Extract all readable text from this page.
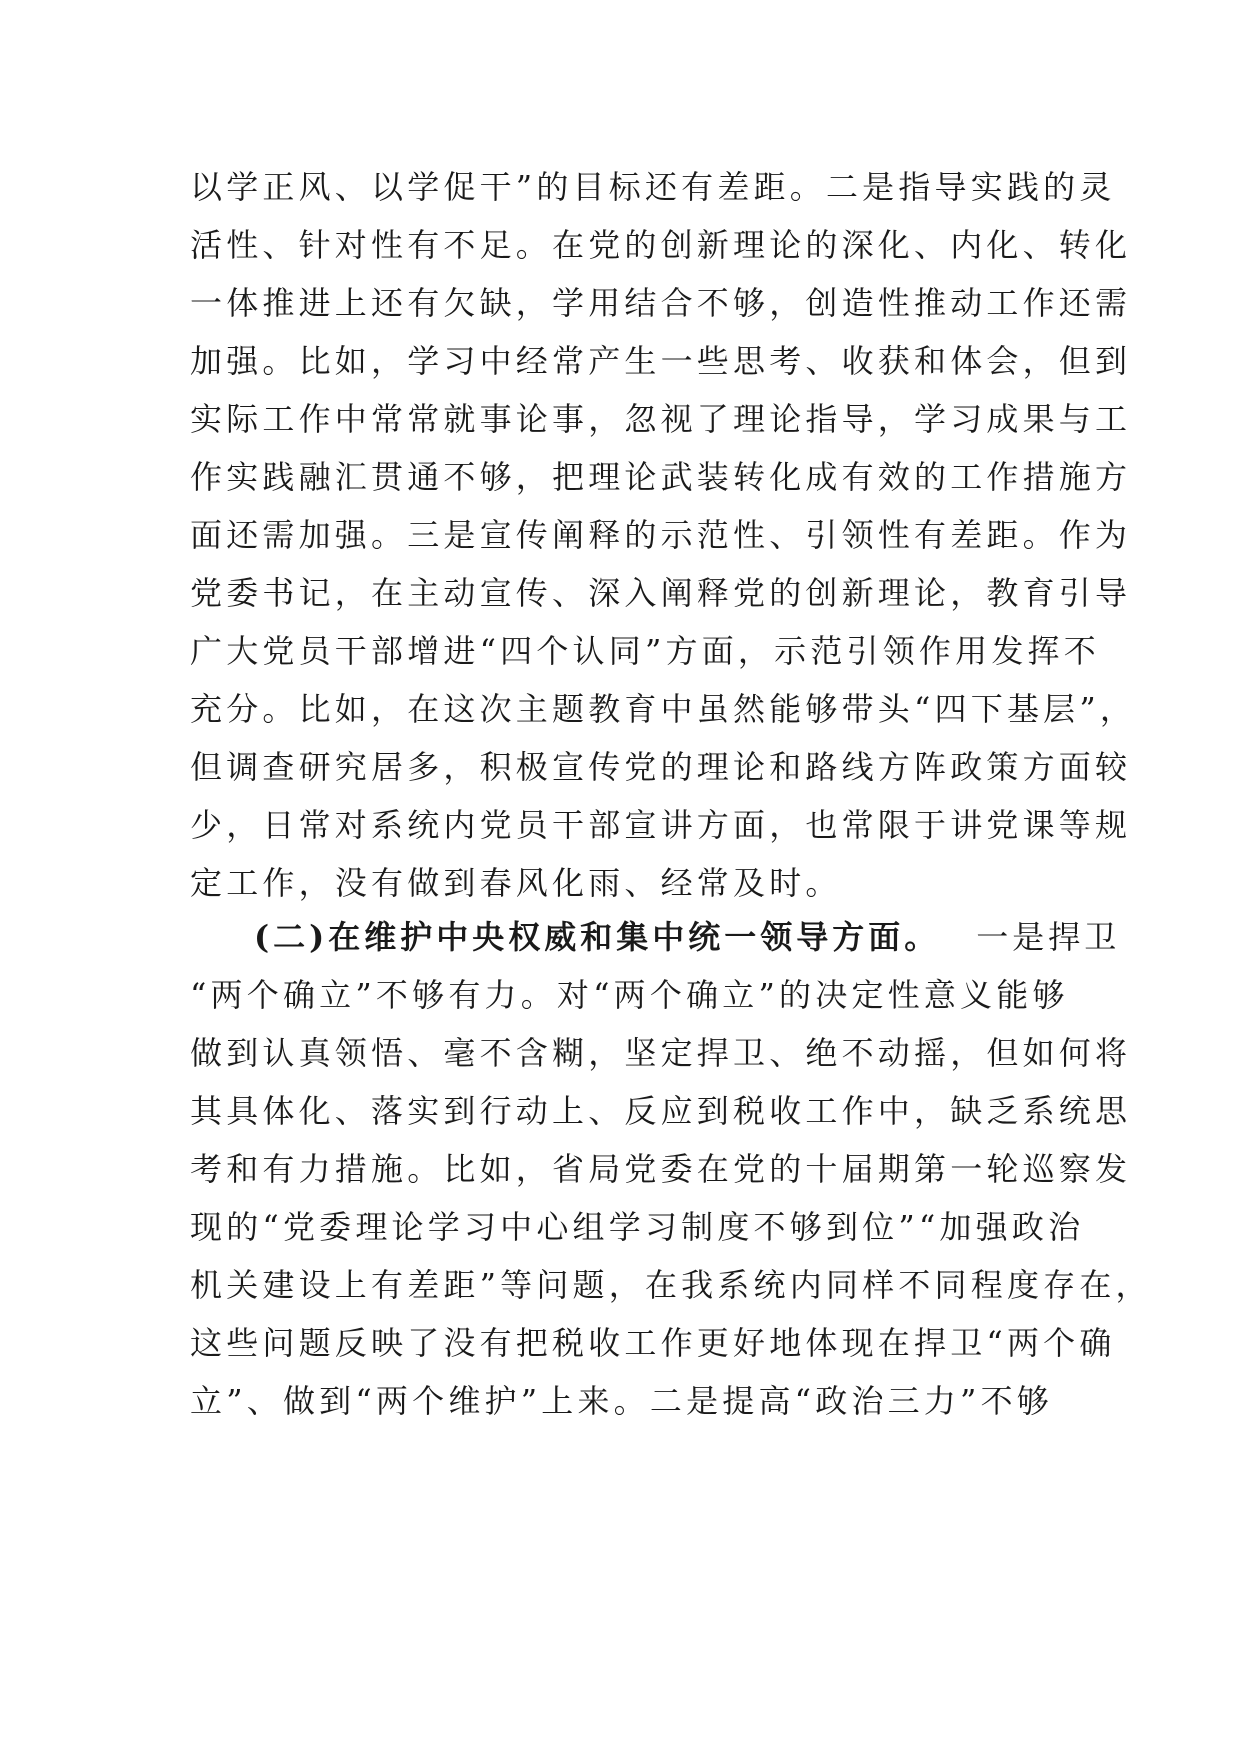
以学正风、以学促干”的目标还有差距。二是指导实践的灵
活性、针对性有不足。在党的创新理论的深化、内化、转化
一体推进上还有欠缺，学用结合不够，创造性推动工作还需
加强。比如，学习中经常产生一些思考、收获和体会，但到
实际工作中常常就事论事，忽视了理论指导，学习成果与工
作实践融汇贯通不够，把理论武装转化成有效的工作措施方
面还需加强。三是宣传阐释的示范性、引领性有差距。作为
党委书记，在主动宣传、深入阐释党的创新理论，教育引导
广大党员干部增进“四个认同”方面，示范引领作用发挥不
充分。比如，在这次主题教育中虽然能够带头“四下基层”，
但调查研究居多，积极宣传党的理论和路线方阵政策方面较
少，日常对系统内党员干部宣讲方面，也常限于讲党课等规
定工作，没有做到春风化雨、经常及时。
(二)在维护中央权威和集中统一领导方面。 一是捍卫
“两个确立”不够有力。对“两个确立”的决定性意义能够
做到认真领悟、毫不含糊，坚定捍卫、绝不动摇，但如何将
其具体化、落实到行动上、反应到税收工作中，缺乏系统思
考和有力措施。比如，省局党委在党的十届期第一轮巡察发
现的“党委理论学习中心组学习制度不够到位”“加强政治
机关建设上有差距”等问题，在我系统内同样不同程度存在，
这些问题反映了没有把税收工作更好地体现在捍卫“两个确
立”、做到“两个维护”上来。二是提高“政治三力”不够
